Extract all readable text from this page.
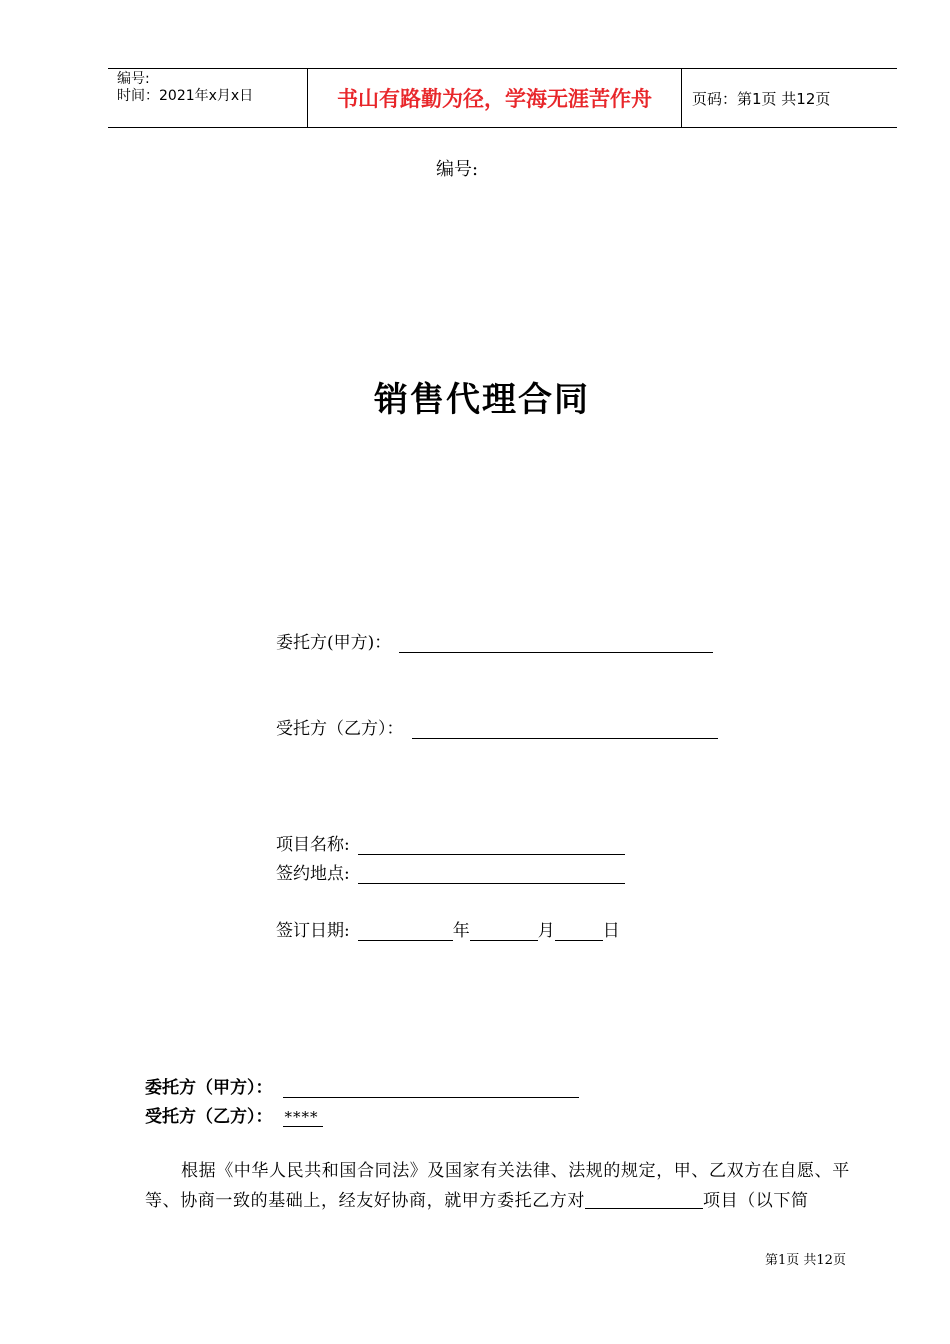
编号:
时间：2021年x月x日	书山有路勤为径，学海无涯苦作舟	页码：第1页 共12页
编号:
销售代理合同
委托方(甲方)：
受托方（乙方）：
项目名称:
签约地点:
签订日期:	年	月	日
委托方（甲方）：
受托方（乙方）： ****
根据《中华人民共和国合同法》及国家有关法律、法规的规定，甲、乙双方在自愿、平等、协商一致的基础上，经友好协商，就甲方委托乙方对	项目（以下简
第1页 共12页
